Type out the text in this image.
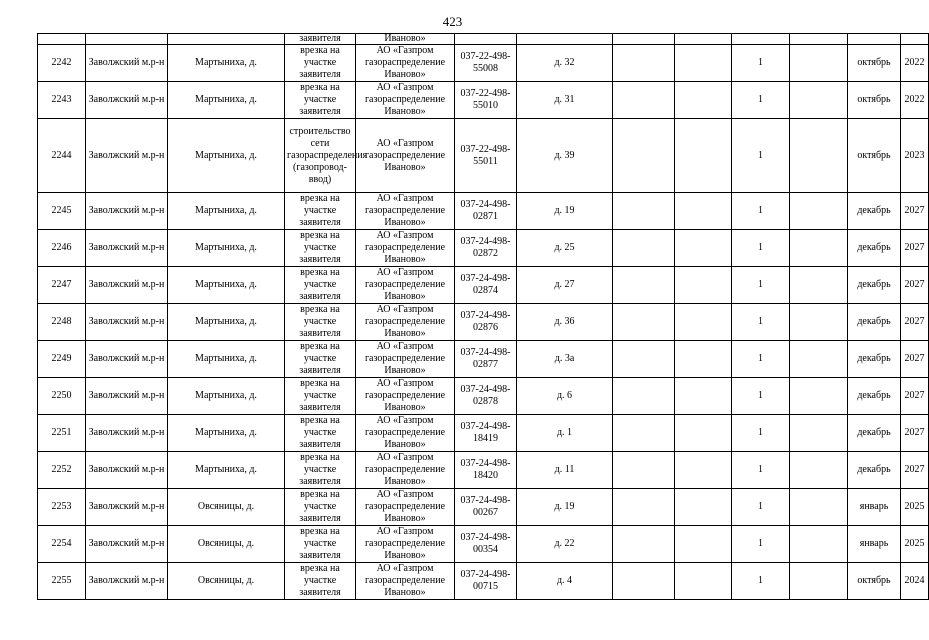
423
			заявителя	Иваново»								
2242	Заволжский м.р-н	Мартыниха, д.	врезка на участке заявителя	АО «Газпром газораспределение Иваново»	037-22-498-55008	д. 32			1		октябрь	2022
2243	Заволжский м.р-н	Мартыниха, д.	врезка на участке заявителя	АО «Газпром газораспределение Иваново»	037-22-498-55010	д. 31			1		октябрь	2022
2244	Заволжский м.р-н	Мартыниха, д.	строительство сети газораспределения (газопровод-ввод)	АО «Газпром газораспределение Иваново»	037-22-498-55011	д. 39			1		октябрь	2023
2245	Заволжский м.р-н	Мартыниха, д.	врезка на участке заявителя	АО «Газпром газораспределение Иваново»	037-24-498-02871	д. 19			1		декабрь	2027
2246	Заволжский м.р-н	Мартыниха, д.	врезка на участке заявителя	АО «Газпром газораспределение Иваново»	037-24-498-02872	д. 25			1		декабрь	2027
2247	Заволжский м.р-н	Мартыниха, д.	врезка на участке заявителя	АО «Газпром газораспределение Иваново»	037-24-498-02874	д. 27			1		декабрь	2027
2248	Заволжский м.р-н	Мартыниха, д.	врезка на участке заявителя	АО «Газпром газораспределение Иваново»	037-24-498-02876	д. 36			1		декабрь	2027
2249	Заволжский м.р-н	Мартыниха, д.	врезка на участке заявителя	АО «Газпром газораспределение Иваново»	037-24-498-02877	д. 3а			1		декабрь	2027
2250	Заволжский м.р-н	Мартыниха, д.	врезка на участке заявителя	АО «Газпром газораспределение Иваново»	037-24-498-02878	д. 6			1		декабрь	2027
2251	Заволжский м.р-н	Мартыниха, д.	врезка на участке заявителя	АО «Газпром газораспределение Иваново»	037-24-498-18419	д. 1			1		декабрь	2027
2252	Заволжский м.р-н	Мартыниха, д.	врезка на участке заявителя	АО «Газпром газораспределение Иваново»	037-24-498-18420	д. 11			1		декабрь	2027
2253	Заволжский м.р-н	Овсяницы, д.	врезка на участке заявителя	АО «Газпром газораспределение Иваново»	037-24-498-00267	д. 19			1		январь	2025
2254	Заволжский м.р-н	Овсяницы, д.	врезка на участке заявителя	АО «Газпром газораспределение Иваново»	037-24-498-00354	д. 22			1		январь	2025
2255	Заволжский м.р-н	Овсяницы, д.	врезка на участке заявителя	АО «Газпром газораспределение Иваново»	037-24-498-00715	д. 4			1		октябрь	2024
